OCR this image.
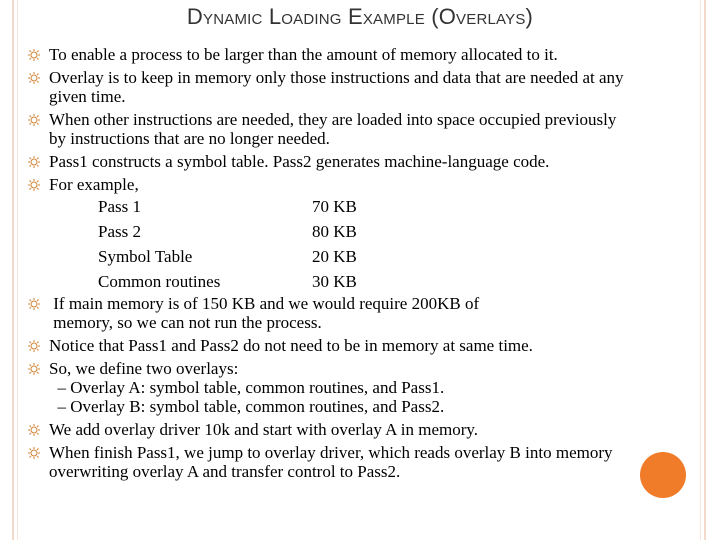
Dynamic Loading Example (Overlays)
To enable a process to be larger than the amount of memory allocated to it.
Overlay is to keep in memory only those instructions and data that are needed at any
given time.
When other instructions are needed, they are loaded into space occupied previously
by instructions that are no longer needed.
Pass1 constructs a symbol table. Pass2 generates machine-language code.
For example,
Pass 1	70 KB
Pass 2	80 KB
Symbol Table	20 KB
Common routines	30 KB
If main memory is of 150 KB and we would require 200KB of
memory, so we can not run the process.
Notice that Pass1 and Pass2 do not need to be in memory at same time.
So, we define two overlays:
– Overlay A: symbol table, common routines, and Pass1.
– Overlay B: symbol table, common routines, and Pass2.
We add overlay driver 10k and start with overlay A in memory.
When finish Pass1, we jump to overlay driver, which reads overlay B into memory
overwriting overlay A and transfer control to Pass2.
